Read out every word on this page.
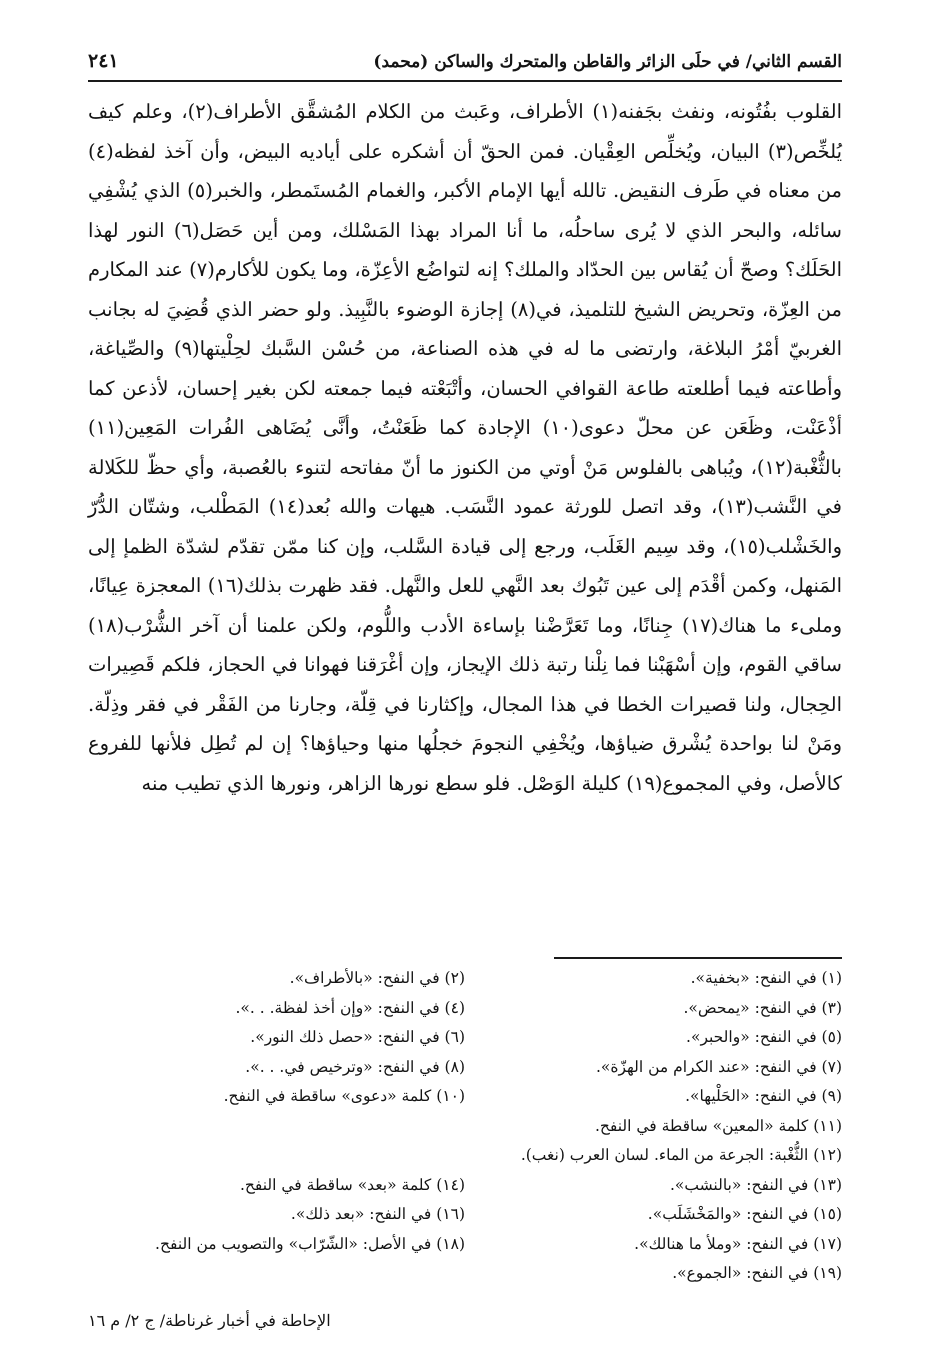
القسم الثاني/ في حلَى الزائر والقاطن والمتحرك والساكن (محمد)
٢٤١

القلوب بفُتُونه، ونفث بجَفنه(١) الأطراف، وعَبث من الكلام المُشقَّق الأطراف(٢)، وعلم كيف يُلخِّص(٣) البيان، ويُخلِّص العِقْيان. فمن الحقّ أن أشكره على أياديه البيض، وأن آخذ لفظه(٤) من معناه في طَرف النقيض. تالله أيها الإمام الأكبر، والغمام المُستَمطر، والخبر(٥) الذي يُشْفِي سائله، والبحر الذي لا يُرى ساحلُه، ما أنا المراد بهذا المَسْلك، ومن أين حَصَل(٦) النور لهذا الحَلَك؟ وصحّ أن يُقاس بين الحدّاد والملك؟ إنه لتواضُع الأعِزّة، وما يكون للأكارم(٧) عند المكارم من العِزّة، وتحريض الشيخ للتلميذ، في(٨) إجازة الوضوء بالنَّبِيذ. ولو حضر الذي قُضِيَ له بجانب الغربيّ أمْرُ البلاغة، وارتضى ما له في هذه الصناعة، من حُسْن السَّبك لحِلْيتها(٩) والصِّياغة، وأطاعته فيما أطلعته طاعة القوافي الحسان، وأتْبَعْته فيما جمعته لكن بغير إحسان، لأذعن كما أذْعَنْت، وظَعَن عن محلّ دعوى(١٠) الإجادة كما ظَعَنْتُ، وأنَّى يُضَاهى الفُرات المَعِين(١١) بالثُّغْبة(١٢)، ويُباهى بالفلوس مَنْ أوتي من الكنوز ما أنّ مفاتحه لتنوء بالعُصبة، وأي حظّ للكَلالة في النَّشب(١٣)، وقد اتصل للورثة عمود النَّسَب. هيهات والله بُعد(١٤) المَطْلب، وشتّان الدُّرّ والخَشْلب(١٥)، وقد سِيم الغَلَب، ورجع إلى قيادة السَّلب، وإن كنا ممّن تقدّم لشدّة الظمإ إلى المَنهل، وكمن أقْدَم إلى عين تَبُوك بعد النَّهي للعل والنَّهل. فقد ظهرت بذلك(١٦) المعجزة عِيانًا، وملىء ما هناك(١٧) جِنانًا، وما تَعَرَّضْنا بإساءة الأدب واللُّوم، ولكن علمنا أن آخر الشُّرْب(١٨) ساقي القوم، وإن أسْهَبْنا فما نِلْنا رتبة ذلك الإيجاز، وإن أغْرَقنا فهوانا في الحجاز، فلكم قَصِيرات الحِجال، ولنا قصيرات الخطا في هذا المجال، وإكثارنا في قِلّة، وجارنا من الفَقْر في فقر وذِلّة. ومَنْ لنا بواحدة يُشْرق ضياؤها، ويُخْفِي النجومَ خجلُها منها وحياؤها؟ إن لم تُطِل فلأنها للفروع كالأصل، وفي المجموع(١٩) كليلة الوَصْل. فلو سطع نورها الزاهر، ونورها الذي تطيب منه

(١) في النفح: «بخفية».
(٢) في النفح: «بالأطراف».
(٣) في النفح: «يمحض».
(٤) في النفح: «وإن أخذ لفظة. . .».
(٥) في النفح: «والحبر».
(٦) في النفح: «حصل ذلك النور».
(٧) في النفح: «عند الكرام من الهزّة».
(٨) في النفح: «وترخيص في. . .».
(٩) في النفح: «الحَلْيها».
(١٠) كلمة «دعوى» ساقطة في النفح.
(١١) كلمة «المعين» ساقطة في النفح.
(١٢) الثُّغْبة: الجرعة من الماء. لسان العرب (نغب).
(١٣) في النفح: «بالنشب».
(١٤) كلمة «بعد» ساقطة في النفح.
(١٥) في النفح: «والمَخْشَلَب».
(١٦) في النفح: «بعد ذلك».
(١٧) في النفح: «وملأ ما هنالك».
(١٨) في الأصل: «الشّرّاب» والتصويب من النفح.
(١٩) في النفح: «الجموع».
الإحاطة في أخبار غرناطة/ ج ٢/ م ١٦
